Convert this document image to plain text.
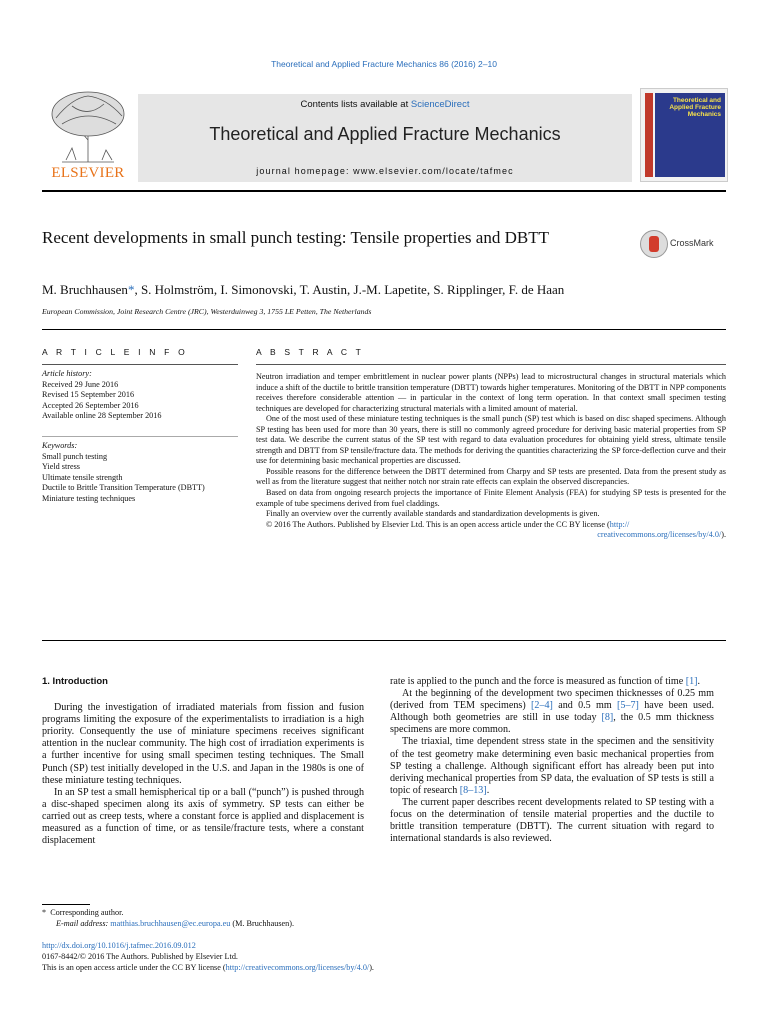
Theoretical and Applied Fracture Mechanics 86 (2016) 2–10
ELSEVIER
Contents lists available at ScienceDirect
Theoretical and Applied Fracture Mechanics
journal homepage: www.elsevier.com/locate/tafmec
Theoretical and Applied Fracture Mechanics
Recent developments in small punch testing: Tensile properties and DBTT	CrossMark
M. Bruchhausen*, S. Holmström, I. Simonovski, T. Austin, J.-M. Lapetite, S. Ripplinger, F. de Haan
European Commission, Joint Research Centre (JRC), Westerduinweg 3, 1755 LE Petten, The Netherlands
A R T I C L E I N F O	A B S T R A C T
Article history:
Received 29 June 2016
Revised 15 September 2016
Accepted 26 September 2016
Available online 28 September 2016
Keywords:
Small punch testing
Yield stress
Ultimate tensile strength
Ductile to Brittle Transition Temperature (DBTT)
Miniature testing techniques

Neutron irradiation and temper embrittlement in nuclear power plants (NPPs) lead to microstructural changes in structural materials which induce a shift of the ductile to brittle transition temperature (DBTT) towards higher temperatures. Monitoring of the DBTT in NPP components receives therefore considerable attention — in particular in the context of long term operation. In that context small specimen testing techniques are developed for characterizing structural materials with a limited amount of material.

One of the most used of these miniature testing techniques is the small punch (SP) test which is based on disc shaped specimens. Although SP testing has been used for more than 30 years, there is still no commonly agreed procedure for deriving basic material properties from SP test data. We describe the current status of the SP test with regard to data evaluation procedures for obtaining yield stress, ultimate tensile strength and DBTT from SP tensile/fracture data. The methods for deriving the quantities characterizing the SP force-deflection curve and their use for determining basic mechanical properties are discussed.

Possible reasons for the difference between the DBTT determined from Charpy and SP tests are presented. Data from the present study as well as from the literature suggest that neither notch nor strain rate effects can explain the observed discrepancies.

Based on data from ongoing research projects the importance of Finite Element Analysis (FEA) for studying SP tests is presented for the example of tube specimens derived from fuel claddings.

Finally an overview over the currently available standards and standardization developments is given.

© 2016 The Authors. Published by Elsevier Ltd. This is an open access article under the CC BY license (http://

creativecommons.org/licenses/by/4.0/).

1. Introduction

During the investigation of irradiated materials from fission and fusion programs limiting the exposure of the experimentalists to irradiation is a high priority. Consequently the use of miniature specimens receives significant attention in the nuclear community. The high cost of irradiation experiments is a further incentive for using small specimen testing techniques. The Small Punch (SP) test initially developed in the U.S. and Japan in the 1980s is one of these miniature testing techniques.

In an SP test a small hemispherical tip or a ball (“punch”) is pushed through a disc-shaped specimen along its axis of symmetry. SP tests can either be carried out as creep tests, where a constant force is applied and displacement is measured as a function of time, or as tensile/fracture tests, where a constant displacement

rate is applied to the punch and the force is measured as function of time [1].

At the beginning of the development two specimen thicknesses of 0.25 mm (derived from TEM specimens) [2–4] and 0.5 mm [5–7] have been used. Although both geometries are still in use today [8], the 0.5 mm thickness specimens are more common.

The triaxial, time dependent stress state in the specimen and the sensitivity of the test geometry make determining even basic mechanical properties from SP testing a challenge. Although significant effort has already been put into deriving mechanical properties from SP data, the evaluation of SP tests is still a topic of research [8–13].

The current paper describes recent developments related to SP testing with a focus on the determination of tensile material properties and the ductile to brittle transition temperature (DBTT). The current situation with regard to international standards is also reviewed.

* Corresponding author.
E-mail address: matthias.bruchhausen@ec.europa.eu (M. Bruchhausen).
http://dx.doi.org/10.1016/j.tafmec.2016.09.012
0167-8442/© 2016 The Authors. Published by Elsevier Ltd.
This is an open access article under the CC BY license (http://creativecommons.org/licenses/by/4.0/).
